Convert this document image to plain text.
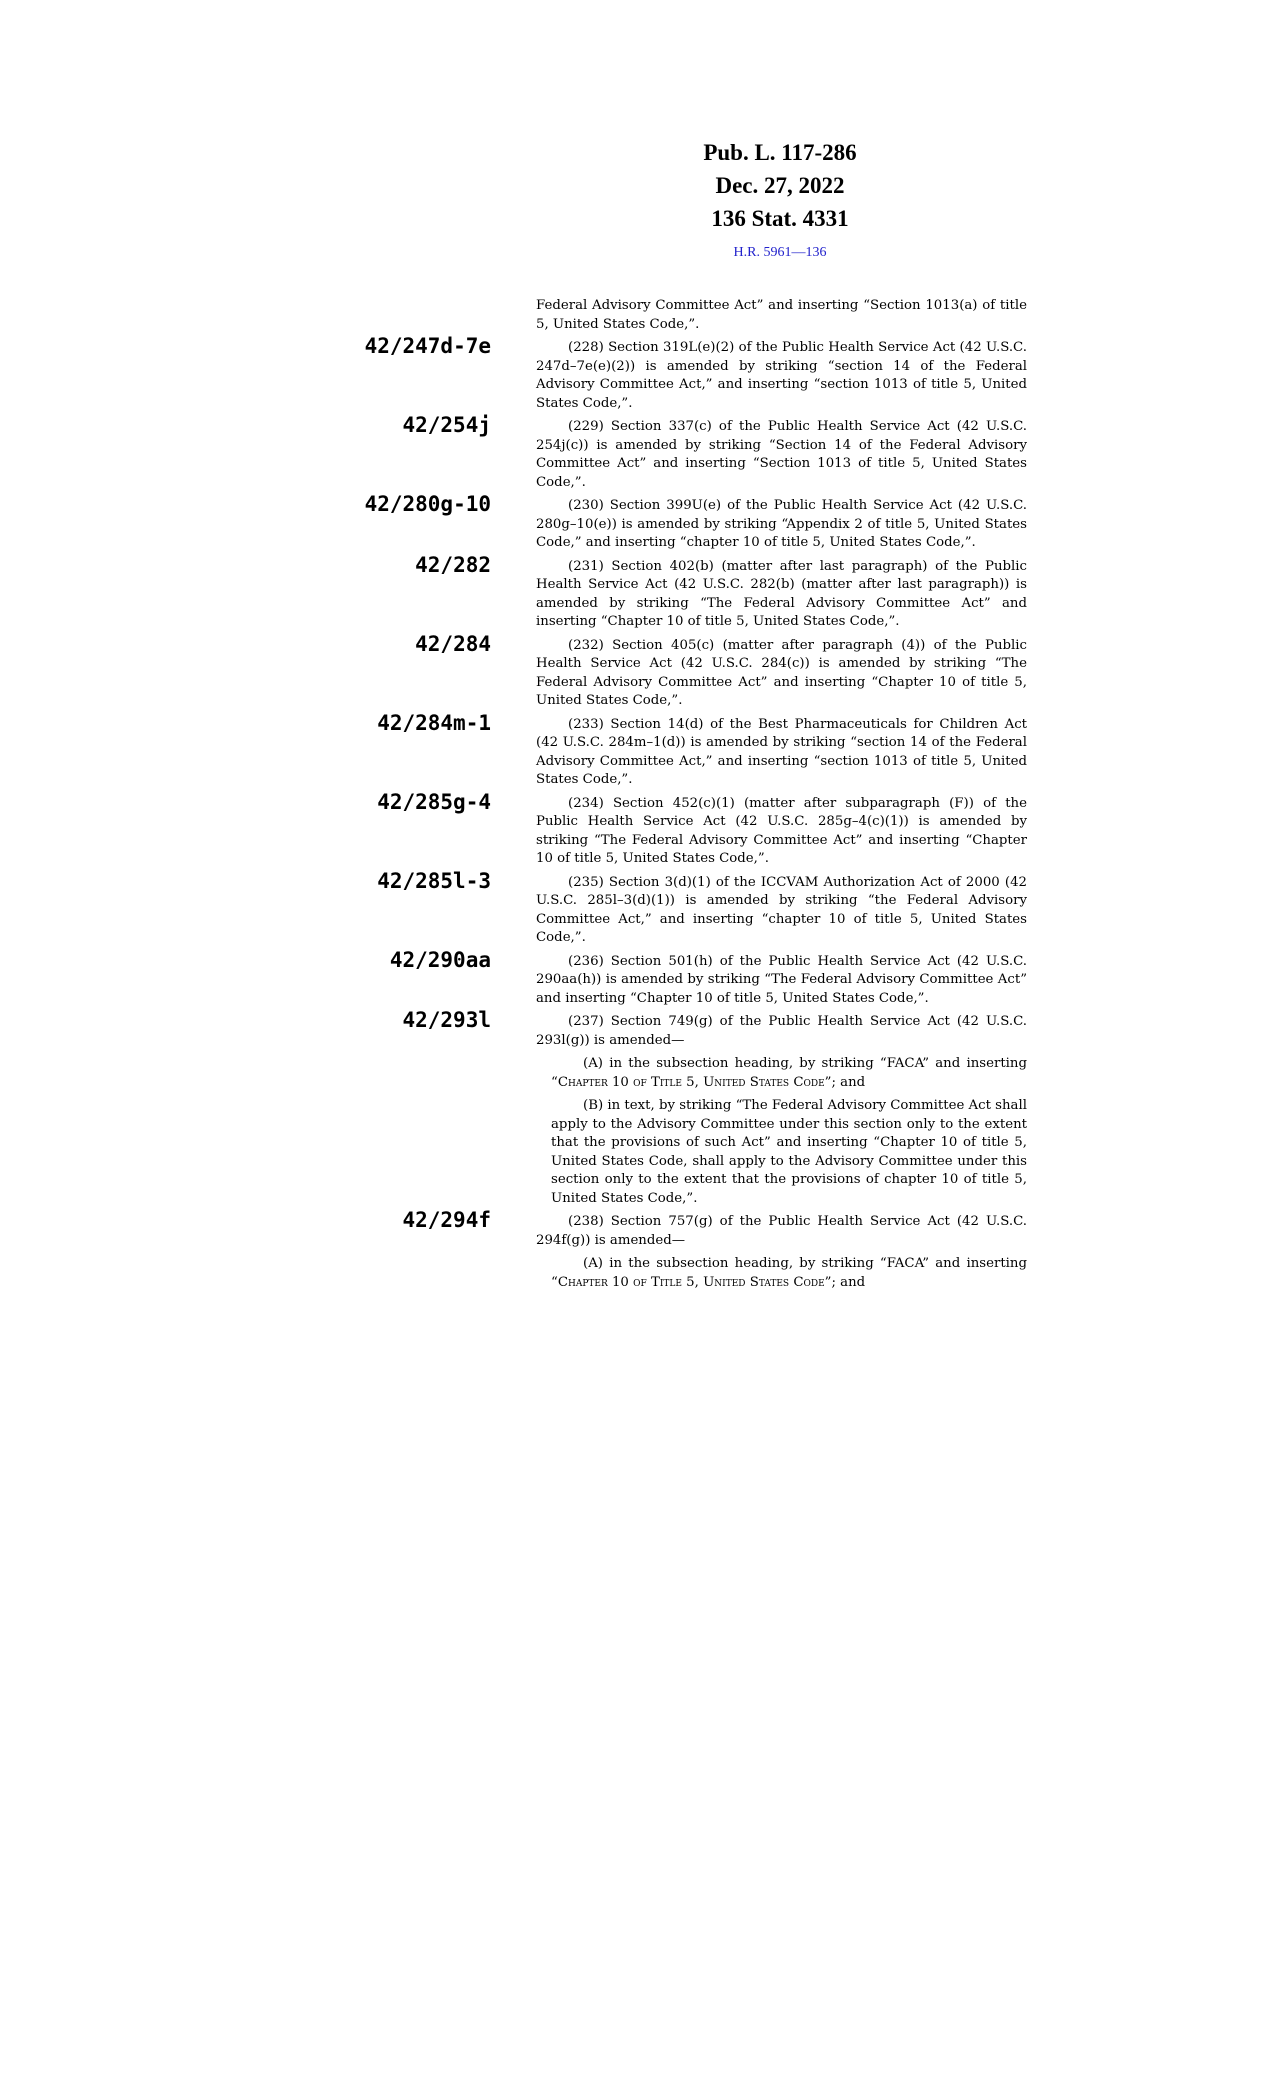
Pub. L. 117-286
Dec. 27, 2022
136 Stat. 4331
H.R. 5961—136

Federal Advisory Committee Act” and inserting “Section 1013(a) of title 5, United States Code,”.

42/247d-7e	(228) Section 319L(e)(2) of the Public Health Service Act (42 U.S.C. 247d–7e(e)(2)) is amended by striking “section 14 of the Federal Advisory Committee Act,” and inserting “section 1013 of title 5, United States Code,”.

42/254j	(229) Section 337(c) of the Public Health Service Act (42 U.S.C. 254j(c)) is amended by striking “Section 14 of the Federal Advisory Committee Act” and inserting “Section 1013 of title 5, United States Code,”.

42/280g-10	(230) Section 399U(e) of the Public Health Service Act (42 U.S.C. 280g–10(e)) is amended by striking “Appendix 2 of title 5, United States Code,” and inserting “chapter 10 of title 5, United States Code,”.

42/282	(231) Section 402(b) (matter after last paragraph) of the Public Health Service Act (42 U.S.C. 282(b) (matter after last paragraph)) is amended by striking “The Federal Advisory Committee Act” and inserting “Chapter 10 of title 5, United States Code,”.

42/284	(232) Section 405(c) (matter after paragraph (4)) of the Public Health Service Act (42 U.S.C. 284(c)) is amended by striking “The Federal Advisory Committee Act” and inserting “Chapter 10 of title 5, United States Code,”.

42/284m-1	(233) Section 14(d) of the Best Pharmaceuticals for Children Act (42 U.S.C. 284m–1(d)) is amended by striking “section 14 of the Federal Advisory Committee Act,” and inserting “section 1013 of title 5, United States Code,”.

42/285g-4	(234) Section 452(c)(1) (matter after subparagraph (F)) of the Public Health Service Act (42 U.S.C. 285g–4(c)(1)) is amended by striking “The Federal Advisory Committee Act” and inserting “Chapter 10 of title 5, United States Code,”.

42/285l-3	(235) Section 3(d)(1) of the ICCVAM Authorization Act of 2000 (42 U.S.C. 285l–3(d)(1)) is amended by striking “the Federal Advisory Committee Act,” and inserting “chapter 10 of title 5, United States Code,”.

42/290aa	(236) Section 501(h) of the Public Health Service Act (42 U.S.C. 290aa(h)) is amended by striking “The Federal Advisory Committee Act” and inserting “Chapter 10 of title 5, United States Code,”.

42/293l	(237) Section 749(g) of the Public Health Service Act (42 U.S.C. 293l(g)) is amended—

(A) in the subsection heading, by striking “FACA” and inserting “Chapter 10 of Title 5, United States Code”; and

(B) in text, by striking “The Federal Advisory Committee Act shall apply to the Advisory Committee under this section only to the extent that the provisions of such Act” and inserting “Chapter 10 of title 5, United States Code, shall apply to the Advisory Committee under this section only to the extent that the provisions of chapter 10 of title 5, United States Code,”.

42/294f	(238) Section 757(g) of the Public Health Service Act (42 U.S.C. 294f(g)) is amended—

(A) in the subsection heading, by striking “FACA” and inserting “Chapter 10 of Title 5, United States Code”; and
